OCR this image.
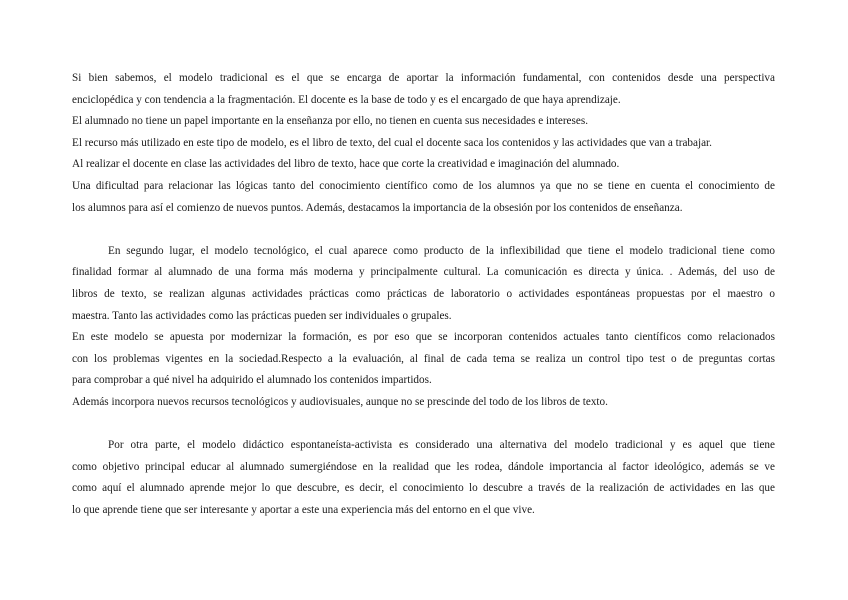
Si bien sabemos, el modelo tradicional es el que se encarga de aportar la información fundamental, con contenidos desde una perspectiva
enciclopédica y con tendencia a la fragmentación. El docente es la base de todo y es el encargado de que haya aprendizaje.
El alumnado no tiene un papel importante en la enseñanza por ello, no tienen en cuenta sus necesidades e intereses.
El recurso más utilizado en este tipo de modelo, es el libro de texto, del cual el docente saca los contenidos y las actividades que van a trabajar.
Al realizar el docente en clase las actividades del libro de texto, hace que corte la creatividad e imaginación del alumnado.
Una dificultad para relacionar las lógicas tanto del conocimiento científico como de los alumnos ya que no se tiene en cuenta el conocimiento de
los alumnos para así el comienzo de nuevos puntos. Además, destacamos la importancia de la obsesión por los contenidos de enseñanza.
En segundo lugar, el modelo tecnológico, el cual aparece como producto de la inflexibilidad que tiene el modelo tradicional tiene como
finalidad formar al alumnado de una forma más moderna y principalmente cultural. La comunicación es directa y única. . Además, del uso de
libros de texto, se realizan algunas actividades prácticas como prácticas de laboratorio o actividades espontáneas propuestas por el maestro o
maestra. Tanto las actividades como las prácticas pueden ser individuales o grupales.
En este modelo se apuesta por modernizar la formación, es por eso que se incorporan contenidos actuales tanto científicos como relacionados
con los problemas vigentes en la sociedad.Respecto a la evaluación, al final de cada tema se realiza un control tipo test o de preguntas cortas
para comprobar a qué nivel ha adquirido el alumnado los contenidos impartidos.
Además incorpora nuevos recursos tecnológicos y audiovisuales, aunque no se prescinde del todo de los libros de texto.
Por otra parte, el modelo didáctico espontaneísta-activista es considerado una alternativa del modelo tradicional y es aquel que tiene
como objetivo principal educar al alumnado sumergiéndose en la realidad que les rodea, dándole importancia al factor ideológico, además se ve
como aquí el alumnado aprende mejor lo que descubre, es decir, el conocimiento lo descubre a través de la realización de actividades en las que
lo que aprende tiene que ser interesante y aportar a este una experiencia más del entorno en el que vive.
